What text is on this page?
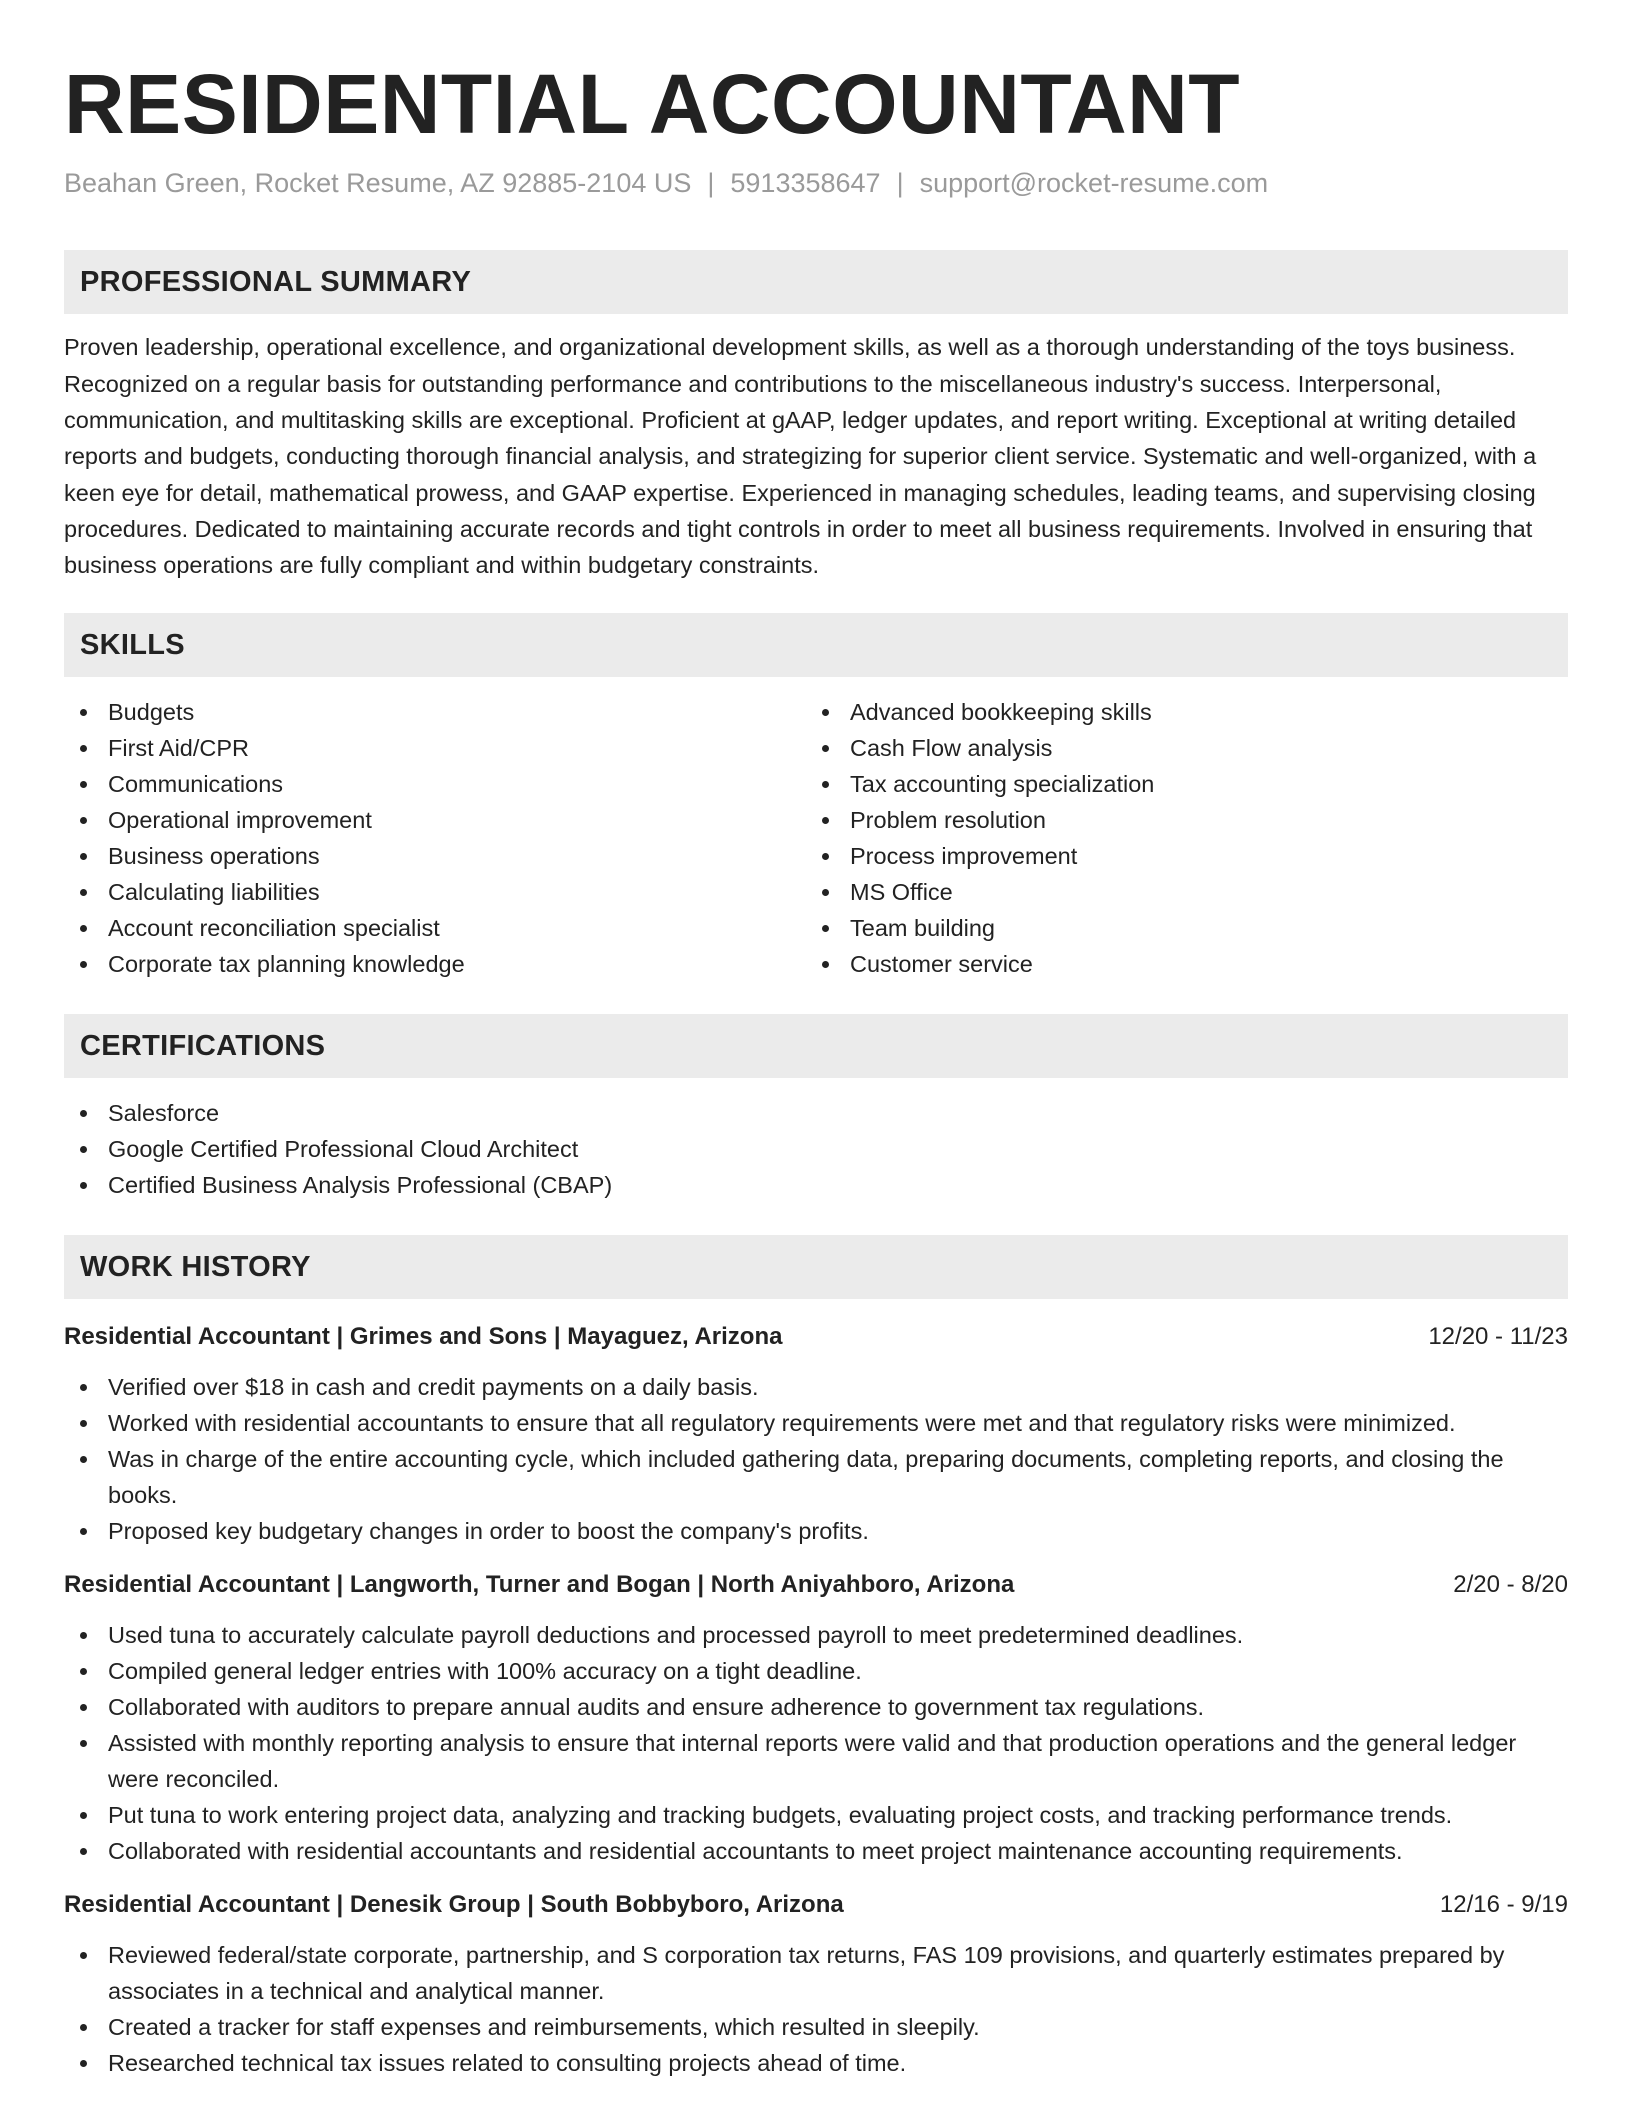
RESIDENTIAL ACCOUNTANT
Beahan Green, Rocket Resume, AZ 92885-2104 US | 5913358647 | support@rocket-resume.com
PROFESSIONAL SUMMARY

Proven leadership, operational excellence, and organizational development skills, as well as a thorough understanding of the toys business. Recognized on a regular basis for outstanding performance and contributions to the miscellaneous industry's success. Interpersonal, communication, and multitasking skills are exceptional. Proficient at gAAP, ledger updates, and report writing. Exceptional at writing detailed reports and budgets, conducting thorough financial analysis, and strategizing for superior client service. Systematic and well-organized, with a keen eye for detail, mathematical prowess, and GAAP expertise. Experienced in managing schedules, leading teams, and supervising closing procedures. Dedicated to maintaining accurate records and tight controls in order to meet all business requirements. Involved in ensuring that business operations are fully compliant and within budgetary constraints.

SKILLS
Budgets
First Aid/CPR
Communications
Operational improvement
Business operations
Calculating liabilities
Account reconciliation specialist
Corporate tax planning knowledge
Advanced bookkeeping skills
Cash Flow analysis
Tax accounting specialization
Problem resolution
Process improvement
MS Office
Team building
Customer service
CERTIFICATIONS
Salesforce
Google Certified Professional Cloud Architect
Certified Business Analysis Professional (CBAP)
WORK HISTORY
Residential Accountant | Grimes and Sons | Mayaguez, Arizona	12/20 - 11/23
Verified over $18 in cash and credit payments on a daily basis.
Worked with residential accountants to ensure that all regulatory requirements were met and that regulatory risks were minimized.
Was in charge of the entire accounting cycle, which included gathering data, preparing documents, completing reports, and closing the books.
Proposed key budgetary changes in order to boost the company's profits.
Residential Accountant | Langworth, Turner and Bogan | North Aniyahboro, Arizona	2/20 - 8/20
Used tuna to accurately calculate payroll deductions and processed payroll to meet predetermined deadlines.
Compiled general ledger entries with 100% accuracy on a tight deadline.
Collaborated with auditors to prepare annual audits and ensure adherence to government tax regulations.
Assisted with monthly reporting analysis to ensure that internal reports were valid and that production operations and the general ledger were reconciled.
Put tuna to work entering project data, analyzing and tracking budgets, evaluating project costs, and tracking performance trends.
Collaborated with residential accountants and residential accountants to meet project maintenance accounting requirements.
Residential Accountant | Denesik Group | South Bobbyboro, Arizona	12/16 - 9/19
Reviewed federal/state corporate, partnership, and S corporation tax returns, FAS 109 provisions, and quarterly estimates prepared by associates in a technical and analytical manner.
Created a tracker for staff expenses and reimbursements, which resulted in sleepily.
Researched technical tax issues related to consulting projects ahead of time.
